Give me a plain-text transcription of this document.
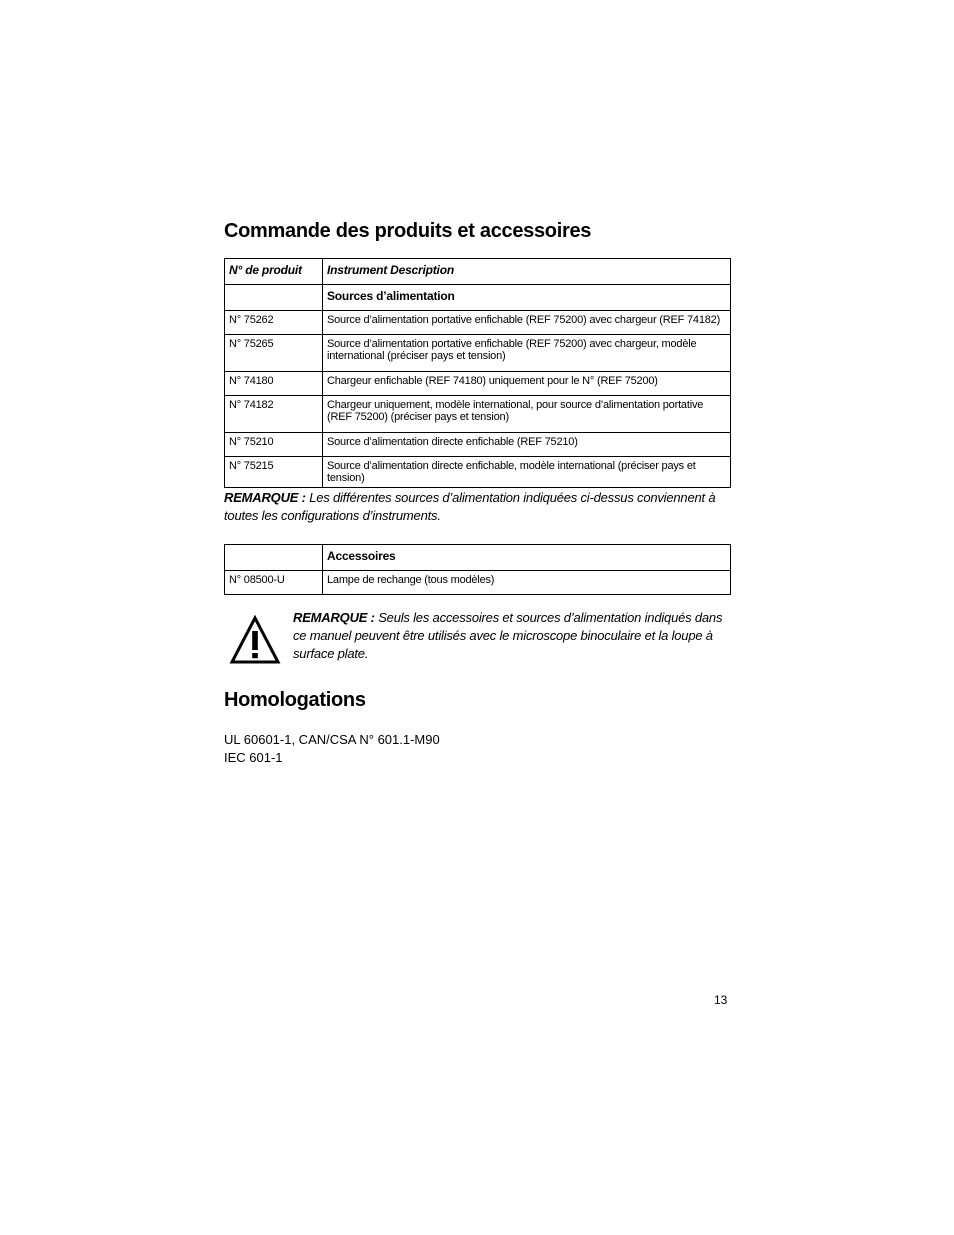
Commande des produits et accessoires
N° de produit	Instrument Description
	Sources d’alimentation
N° 75262	Source d’alimentation portative enfichable (REF 75200) avec chargeur (REF 74182)
N° 75265	Source d’alimentation portative enfichable (REF 75200) avec chargeur, modèle international (préciser pays et tension)
N° 74180	Chargeur enfichable (REF 74180) uniquement pour le N° (REF 75200)
N° 74182	Chargeur uniquement, modèle international, pour source d’alimentation portative (REF 75200) (préciser pays et tension)
N° 75210	Source d’alimentation directe enfichable (REF 75210)
N° 75215	Source d’alimentation directe enfichable, modèle international (préciser pays et tension)

REMARQUE : Les différentes sources d’alimentation indiquées ci-dessus conviennent à toutes les configurations d’instruments.

	Accessoires
N° 08500-U	Lampe de rechange (tous modèles)

REMARQUE : Seuls les accessoires et sources d’alimentation indiqués dans ce manuel peuvent être utilisés avec le microscope binoculaire et la loupe à surface plate.

Homologations

UL 60601-1, CAN/CSA N° 601.1-M90

IEC 601-1

13
